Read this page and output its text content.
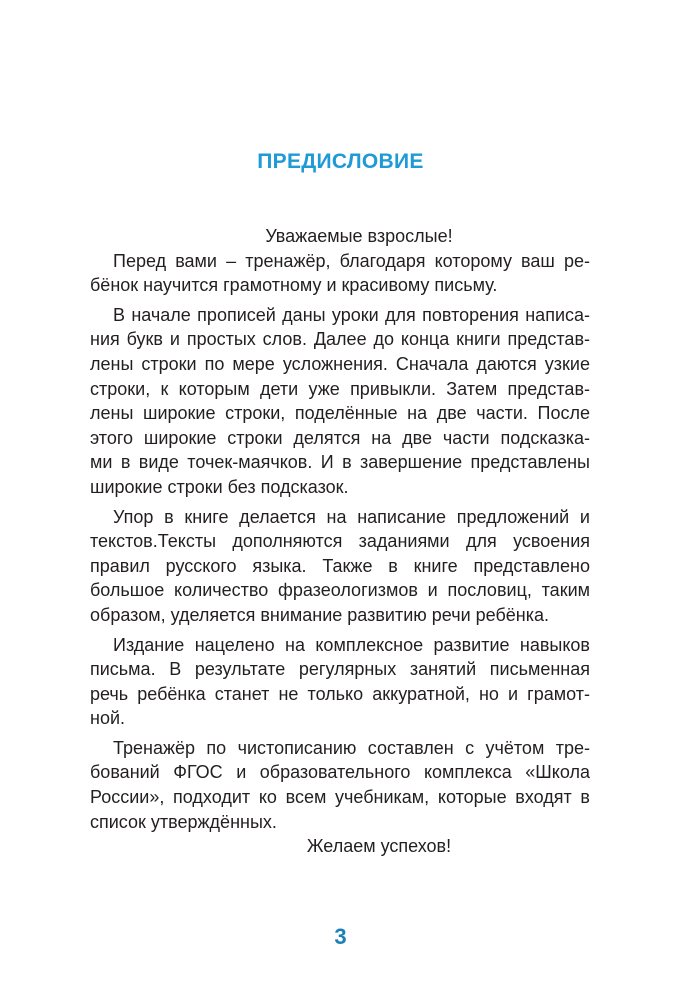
ПРЕДИСЛОВИЕ
Уважаемые взрослые!
Перед вами – тренажёр, благодаря которому ваш ре-
бёнок научится грамотному и красивому письму.
В начале прописей даны уроки для повторения написа-
ния букв и простых слов. Далее до конца книги представ-
лены строки по мере усложнения. Сначала даются узкие
строки, к которым дети уже привыкли. Затем представ-
лены широкие строки, поделённые на две части. После
этого широкие строки делятся на две части подсказка-
ми в виде точек-маячков. И в завершение представлены
широкие строки без подсказок.
Упор в книге делается на написание предложений и
текстов.Тексты дополняются заданиями для усвоения
правил русского языка. Также в книге представлено
большое количество фразеологизмов и пословиц, таким
образом, уделяется внимание развитию речи ребёнка.
Издание нацелено на комплексное развитие навыков
письма. В результате регулярных занятий письменная
речь ребёнка станет не только аккуратной, но и грамот-
ной.
Тренажёр по чистописанию составлен с учётом тре-
бований ФГОС и образовательного комплекса «Школа
России», подходит ко всем учебникам, которые входят в
список утверждённых.
Желаем успехов!
3
